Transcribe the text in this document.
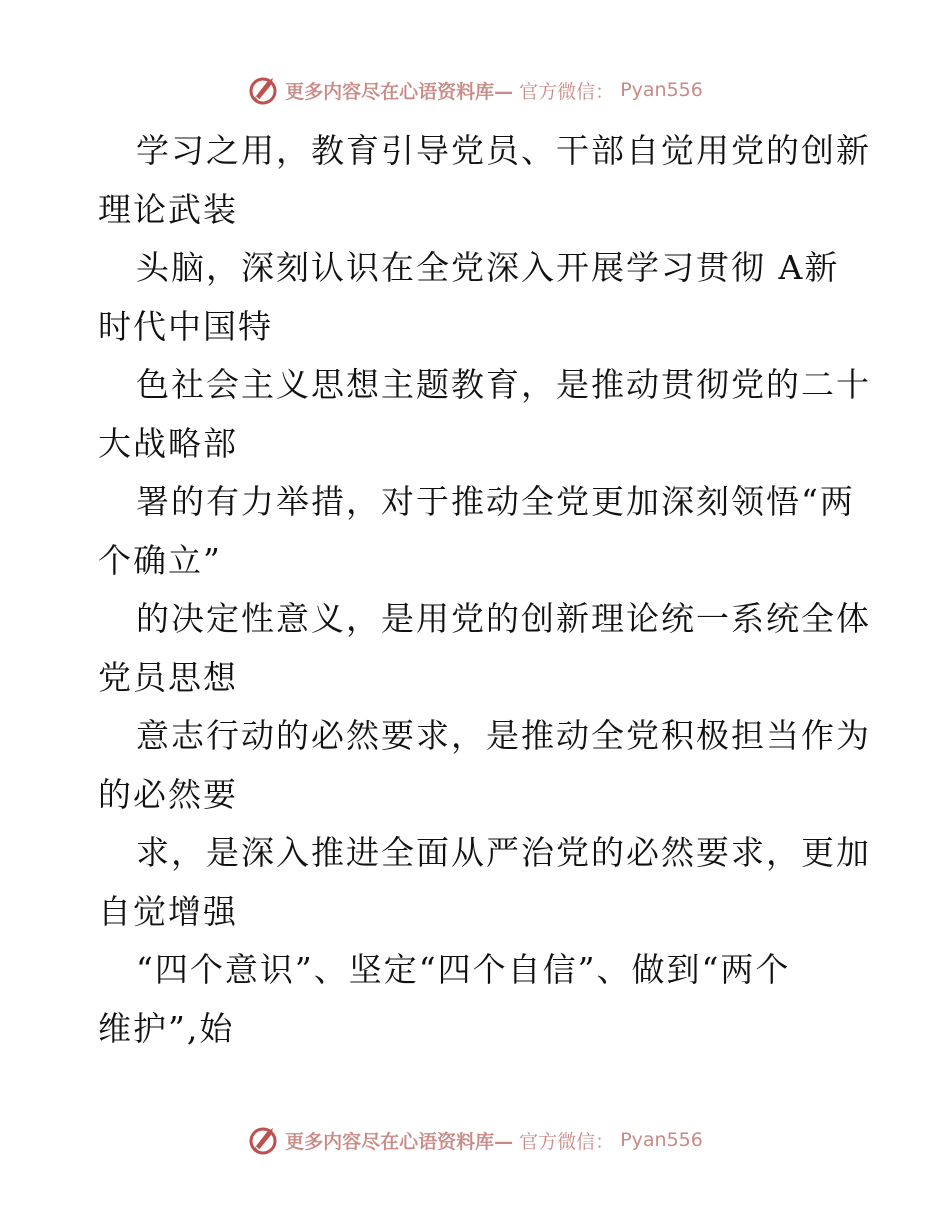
更多内容尽在心语资料库— 官方微信： Pyan556
学习之用，教育引导党员、干部自觉用党的创新
理论武装
头脑，深刻认识在全党深入开展学习贯彻 A新
时代中国特
色社会主义思想主题教育，是推动贯彻党的二十
大战略部
署的有力举措，对于推动全党更加深刻领悟“两
个确立”
的决定性意义，是用党的创新理论统一系统全体
党员思想
意志行动的必然要求，是推动全党积极担当作为
的必然要
求，是深入推进全面从严治党的必然要求，更加
自觉增强
“四个意识”、坚定“四个自信”、做到“两个
维护”,始
更多内容尽在心语资料库— 官方微信： Pyan556
